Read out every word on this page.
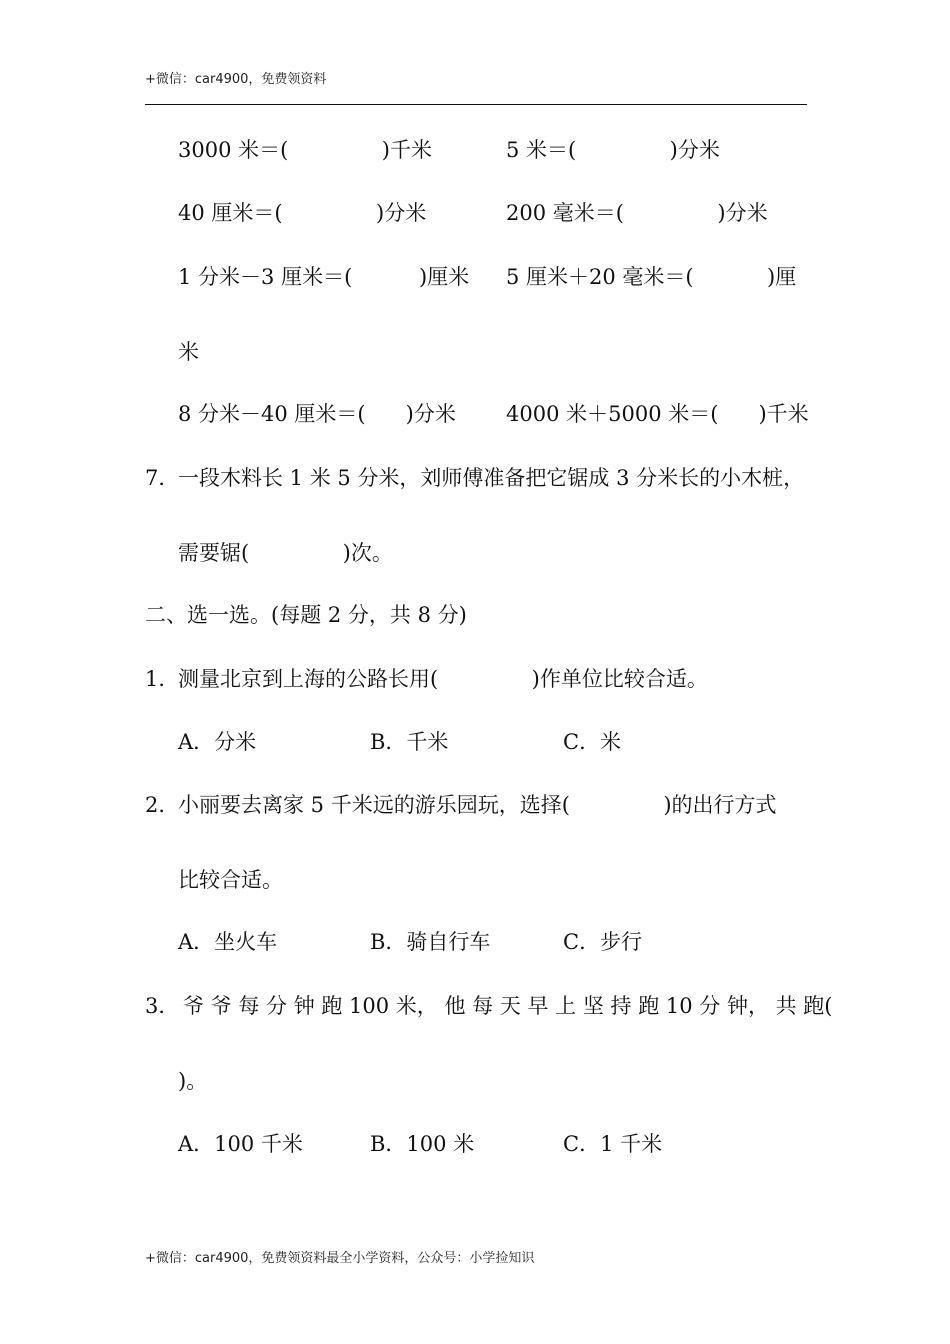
+微信：car4900，免费领资料
3000 米＝(              )千米	5 米＝(              )分米
40 厘米＝(              )分米	200 毫米＝(              )分米
1 分米－3 厘米＝(          )厘米 5 厘米＋20 毫米＝(           )厘
米
8 分米－40 厘米＝(      )分米 4000 米＋5000 米＝(      )千米
7．
一段木料长 1 米 5 分米，刘师傅准备把它锯成 3 分米长的小木桩，
需要锯(              )次。
二、选一选。(每题 2 分，共 8 分)
1．
测量北京到上海的公路长用(              )作单位比较合适。
A．分米	B．千米	C．米
2．
小丽要去离家 5 千米远的游乐园玩，选择(              )的出行方式
比较合适。
A．坐火车	B．骑自行车	C．步行
3． 爷 爷 每 分 钟 跑 100 米， 他 每 天 早 上 坚 持 跑 10 分 钟， 共 跑(
)。
A．100 千米	B．100 米	C．1 千米
+微信：car4900，免费领资料最全小学资料，公众号：小学捡知识
